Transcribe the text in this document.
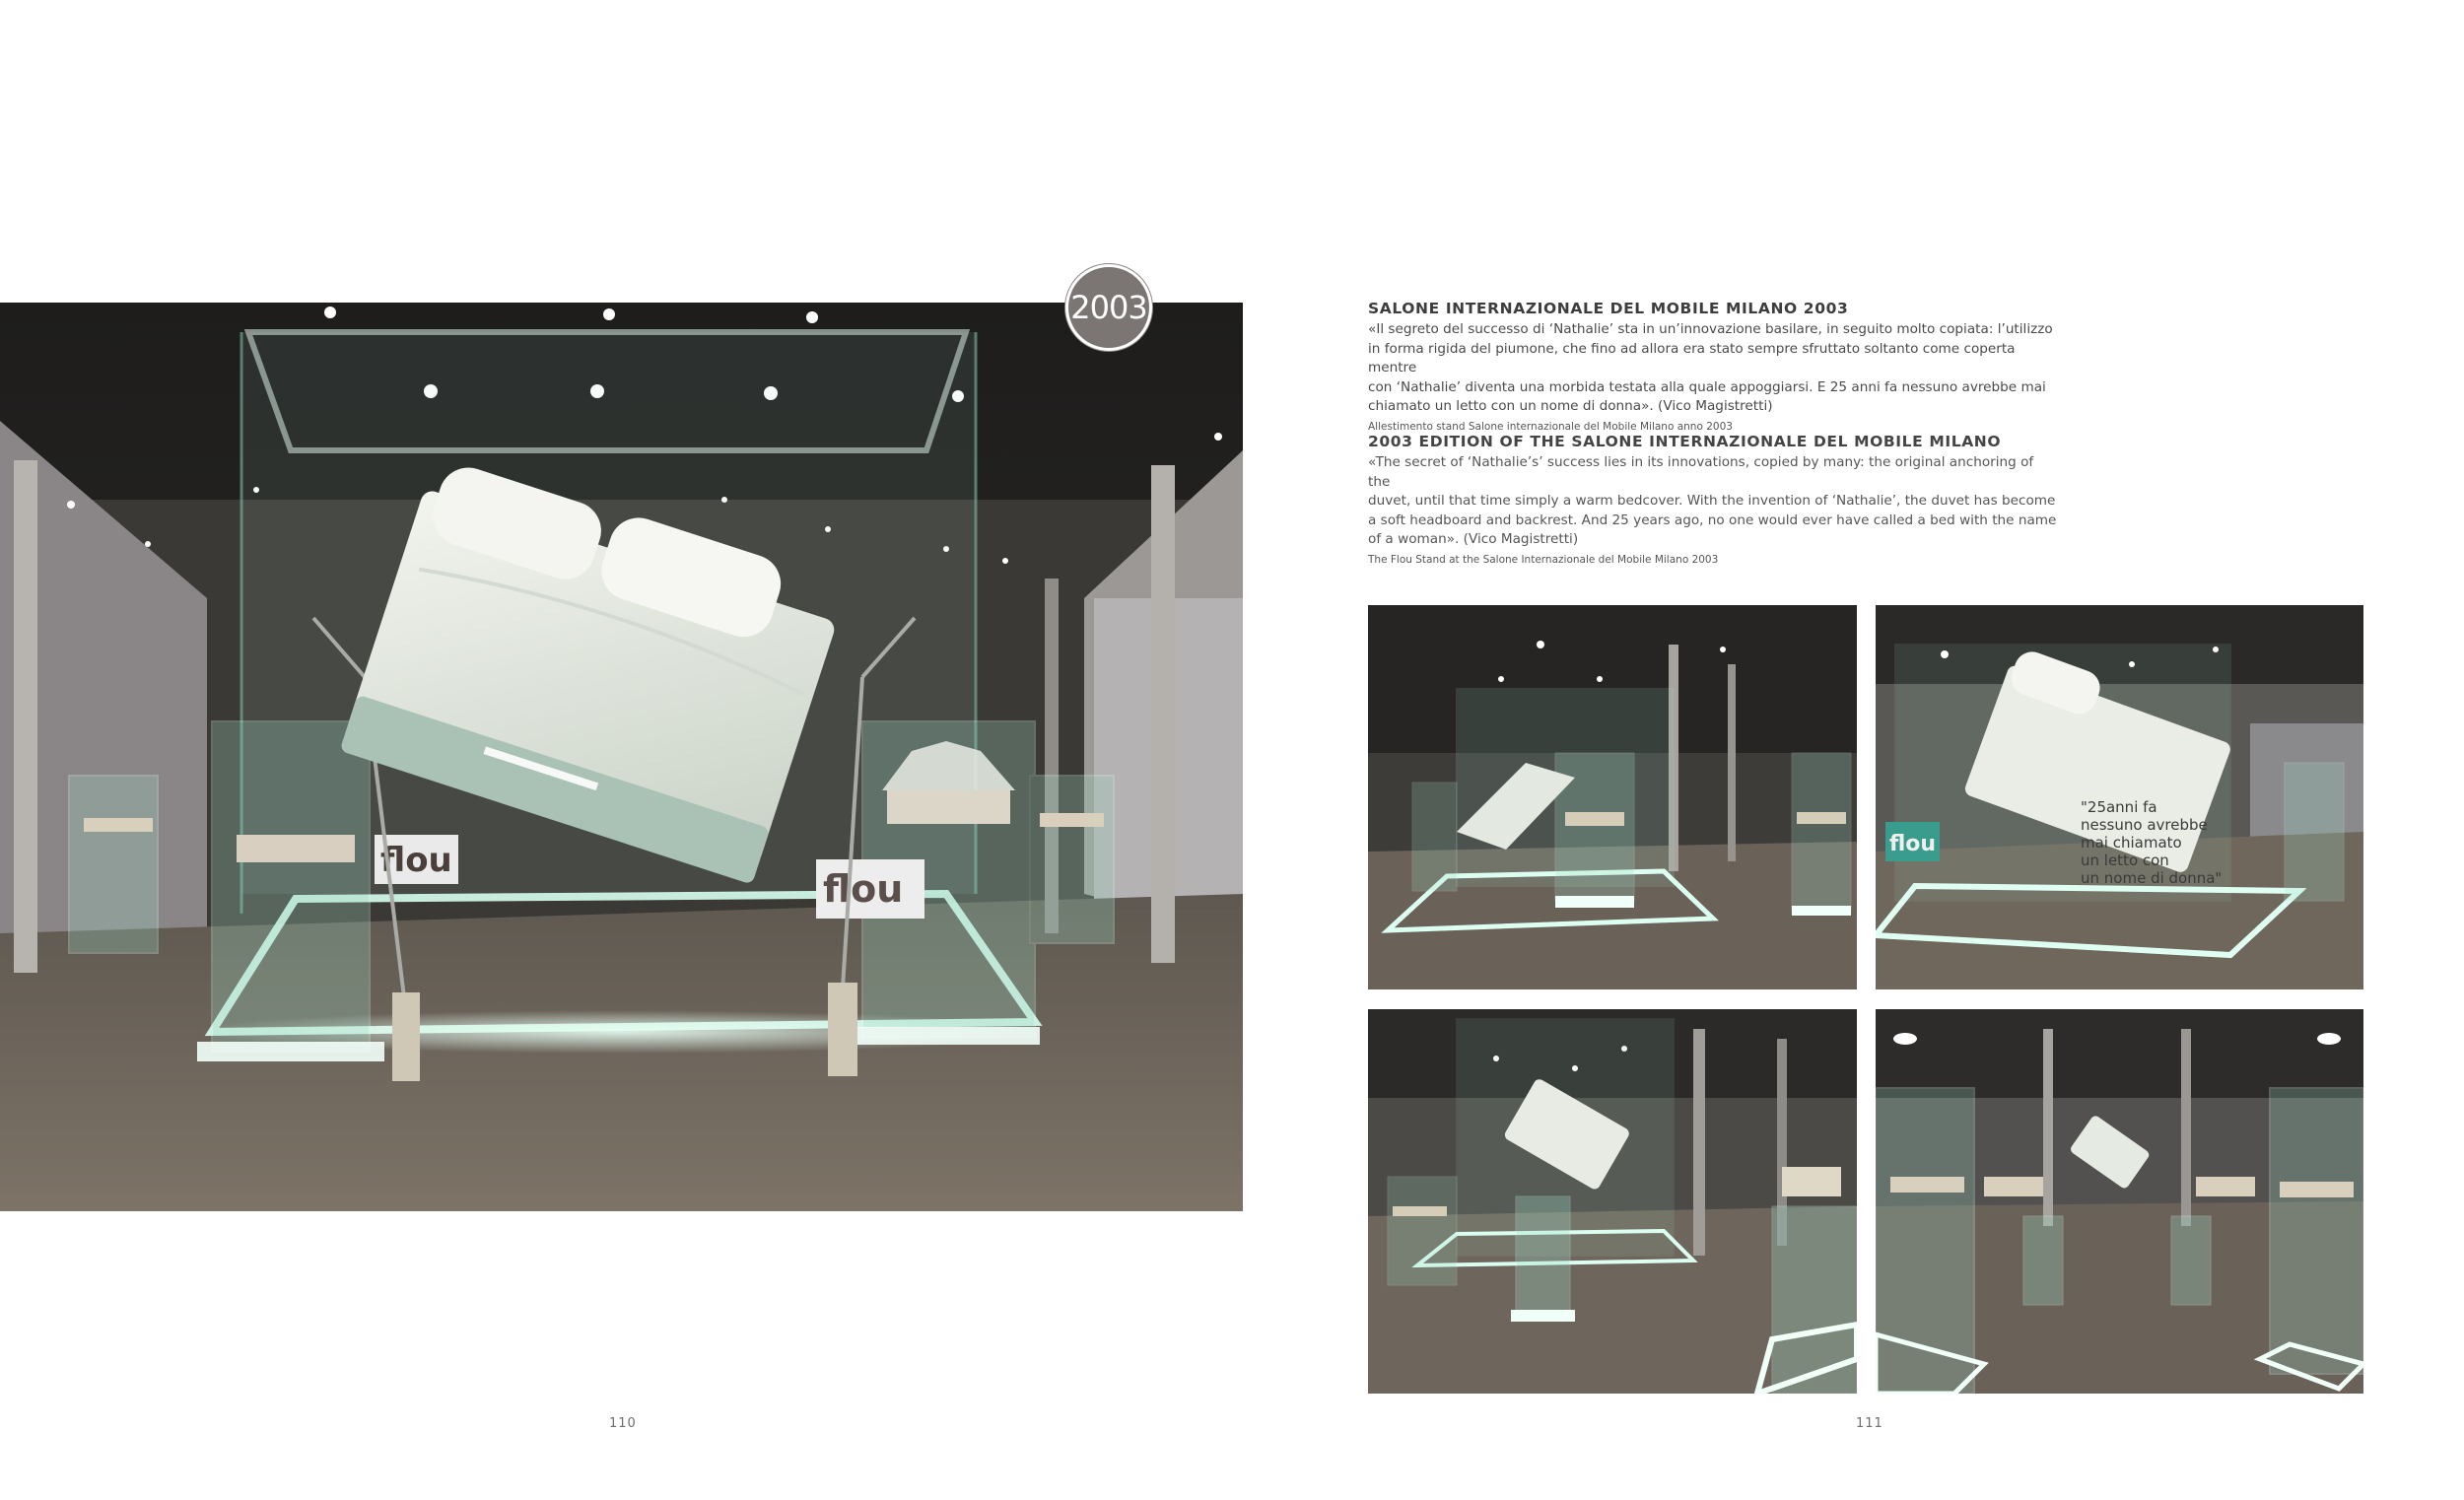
flou
flou
2003
110
SALONE INTERNAZIONALE DEL MOBILE MILANO 2003

«Il segreto del successo di ‘Nathalie’ sta in un’innovazione basilare, in seguito molto copiata: l’utilizzo
in forma rigida del piumone, che fino ad allora era stato sempre sfruttato soltanto come coperta mentre
con ‘Nathalie’ diventa una morbida testata alla quale appoggiarsi. E 25 anni fa nessuno avrebbe mai
chiamato un letto con un nome di donna». (Vico Magistretti)

Allestimento stand Salone internazionale del Mobile Milano anno 2003

2003 EDITION OF THE SALONE INTERNAZIONALE DEL MOBILE MILANO

«The secret of ‘Nathalie’s’ success lies in its innovations, copied by many: the original anchoring of the
duvet, until that time simply a warm bedcover. With the invention of ‘Nathalie’, the duvet has become
a soft headboard and backrest. And 25 years ago, no one would ever have called a bed with the name
of a woman». (Vico Magistretti)

The Flou Stand at the Salone Internazionale del Mobile Milano 2003

flou
"25anni fa
nessuno avrebbe
mai chiamato
un letto con
un nome di donna"
111
